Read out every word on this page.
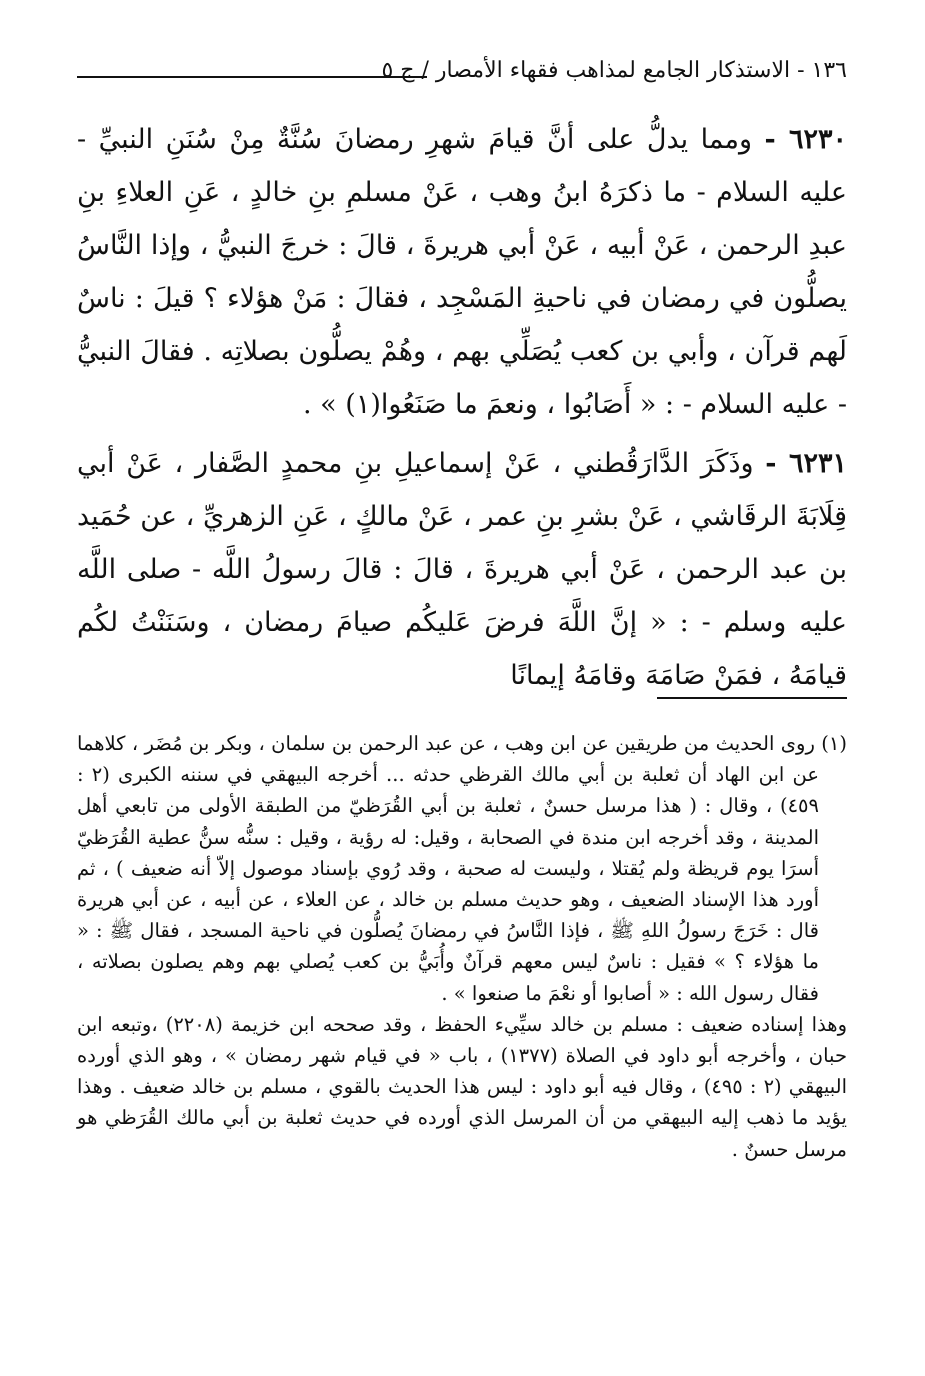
١٣٦ - الاستذكار الجامع لمذاهب فقهاء الأمصار / ج ٥

٦٢٣٠ - ومما يدلُّ على أنَّ قيامَ شهرِ رمضانَ سُنَّةٌ مِنْ سُنَنِ النبيِّ - عليه السلام - ما ذكرَهُ ابنُ وهب ، عَنْ مسلمِ بنِ خالدٍ ، عَنِ العلاءِ بنِ عبدِ الرحمن ، عَنْ أبيه ، عَنْ أبي هريرةَ ، قالَ : خرجَ النبيُّ ، وإذا النَّاسُ يصلُّون في رمضان في ناحيةِ المَسْجِد ، فقالَ : مَنْ هؤلاء ؟ قيلَ : ناسٌ لَهم قرآن ، وأبي بن كعب يُصَلِّي بهم ، وهُمْ يصلُّون بصلاتِه . فقالَ النبيُّ - عليه السلام - : « أَصَابُوا ، ونعمَ ما صَنَعُوا(١) » .

٦٢٣١ - وذَكَرَ الدَّارَقُطني ، عَنْ إسماعيلِ بنِ محمدٍ الصَّفار ، عَنْ أبي قِلَابَةَ الرقَاشي ، عَنْ بشرِ بنِ عمر ، عَنْ مالكٍ ، عَنِ الزهريِّ ، عن حُمَيد بن عبد الرحمن ، عَنْ أبي هريرةَ ، قالَ : قالَ رسولُ اللَّه - صلى اللَّه عليه وسلم - : « إنَّ اللَّهَ فرضَ عَليكُم صيامَ رمضان ، وسَنَنْتُ لكُم قيامَهُ ، فمَنْ صَامَهَ وقامَهُ إيمانًا

(١) روى الحديث من طريقين عن ابن وهب ، عن عبد الرحمن بن سلمان ، وبكر بن مُضَر ، كلاهما عن ابن الهاد أن ثعلبة بن أبي مالك القرظي حدثه ... أخرجه البيهقي في سننه الكبرى (٢ : ٤٥٩) ، وقال : ( هذا مرسل حسنٌ ، ثعلبة بن أبي القُرَظيّ من الطبقة الأولى من تابعي أهل المدينة ، وقد أخرجه ابن مندة في الصحابة ، وقيل: له رؤية ، وقيل : سنُّه سنُّ عطية القُرَظيّ أسرَا يوم قريظة ولم يُقتلا ، وليست له صحبة ، وقد رُوي بإسناد موصول إلاّ أنه ضعيف ) ، ثم أورد هذا الإسناد الضعيف ، وهو حديث مسلم بن خالد ، عن العلاء ، عن أبيه ، عن أبي هريرة قال : خَرَجَ رسولُ اللهِ ﷺ ، فإذا النَّاسُ في رمضانَ يُصلُّون في ناحية المسجد ، فقال ﷺ : « ما هؤلاء ؟ » فقيل : ناسٌ ليس معهم قرآنٌ وأُبَيُّ بن كعب يُصلي بهم وهم يصلون بصلاته ، فقال رسول الله : « أصابوا أو نعْمَ ما صنعوا » .

وهذا إسناده ضعيف : مسلم بن خالد سيِّيء الحفظ ، وقد صححه ابن خزيمة (٢٢٠٨) ،وتبعه ابن حبان ، وأخرجه أبو داود في الصلاة (١٣٧٧) ، باب « في قيام شهر رمضان » ، وهو الذي أورده البيهقي (٢ : ٤٩٥) ، وقال فيه أبو داود : ليس هذا الحديث بالقوي ، مسلم بن خالد ضعيف . وهذا يؤيد ما ذهب إليه البيهقي من أن المرسل الذي أورده في حديث ثعلبة بن أبي مالك القُرَظي هو مرسل حسنٌ .
